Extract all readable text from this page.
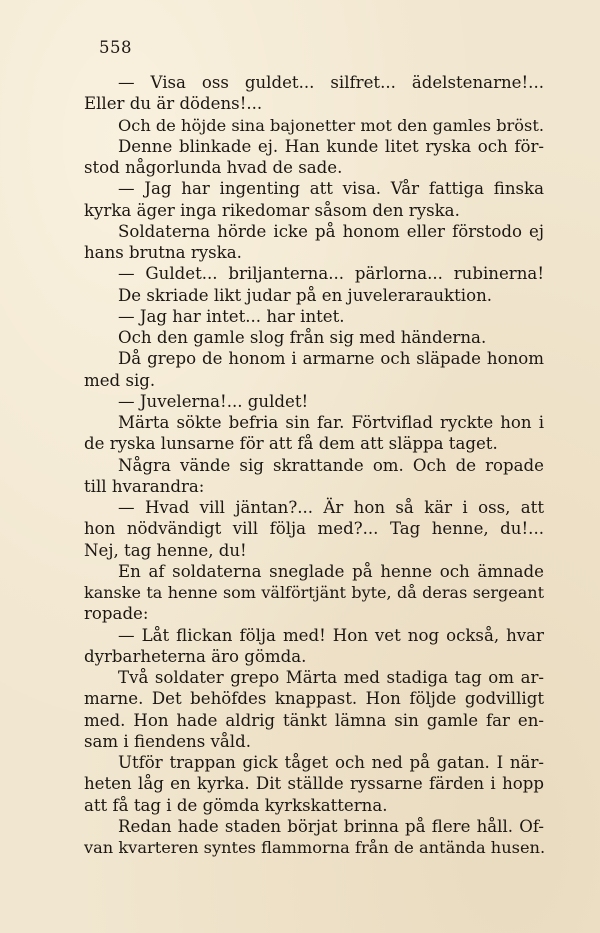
558
— Visa oss guldet... silfret... ädelstenarne!...
Eller du är dödens!...
Och de höjde sina bajonetter mot den gamles bröst.
Denne blinkade ej. Han kunde litet ryska och för-
stod någorlunda hvad de sade.
— Jag har ingenting att visa. Vår fattiga finska
kyrka äger inga rikedomar såsom den ryska.
Soldaterna hörde icke på honom eller förstodo ej
hans brutna ryska.
— Guldet... briljanterna... pärlorna... rubinerna!
De skriade likt judar på en juvelerarauktion.
— Jag har intet... har intet.
Och den gamle slog från sig med händerna.
Då grepo de honom i armarne och släpade honom
med sig.
— Juvelerna!... guldet!
Märta sökte befria sin far. Förtviflad ryckte hon i
de ryska lunsarne för att få dem att släppa taget.
Några vände sig skrattande om. Och de ropade
till hvarandra:
— Hvad vill jäntan?... Är hon så kär i oss, att
hon nödvändigt vill följa med?... Tag henne, du!...
Nej, tag henne, du!
En af soldaterna sneglade på henne och ämnade
kanske ta henne som välförtjänt byte, då deras sergeant
ropade:
— Låt flickan följa med! Hon vet nog också, hvar
dyrbarheterna äro gömda.
Två soldater grepo Märta med stadiga tag om ar-
marne. Det behöfdes knappast. Hon följde godvilligt
med. Hon hade aldrig tänkt lämna sin gamle far en-
sam i fiendens våld.
Utför trappan gick tåget och ned på gatan. I när-
heten låg en kyrka. Dit ställde ryssarne färden i hopp
att få tag i de gömda kyrkskatterna.
Redan hade staden börjat brinna på flere håll. Of-
van kvarteren syntes flammorna från de antända husen.
